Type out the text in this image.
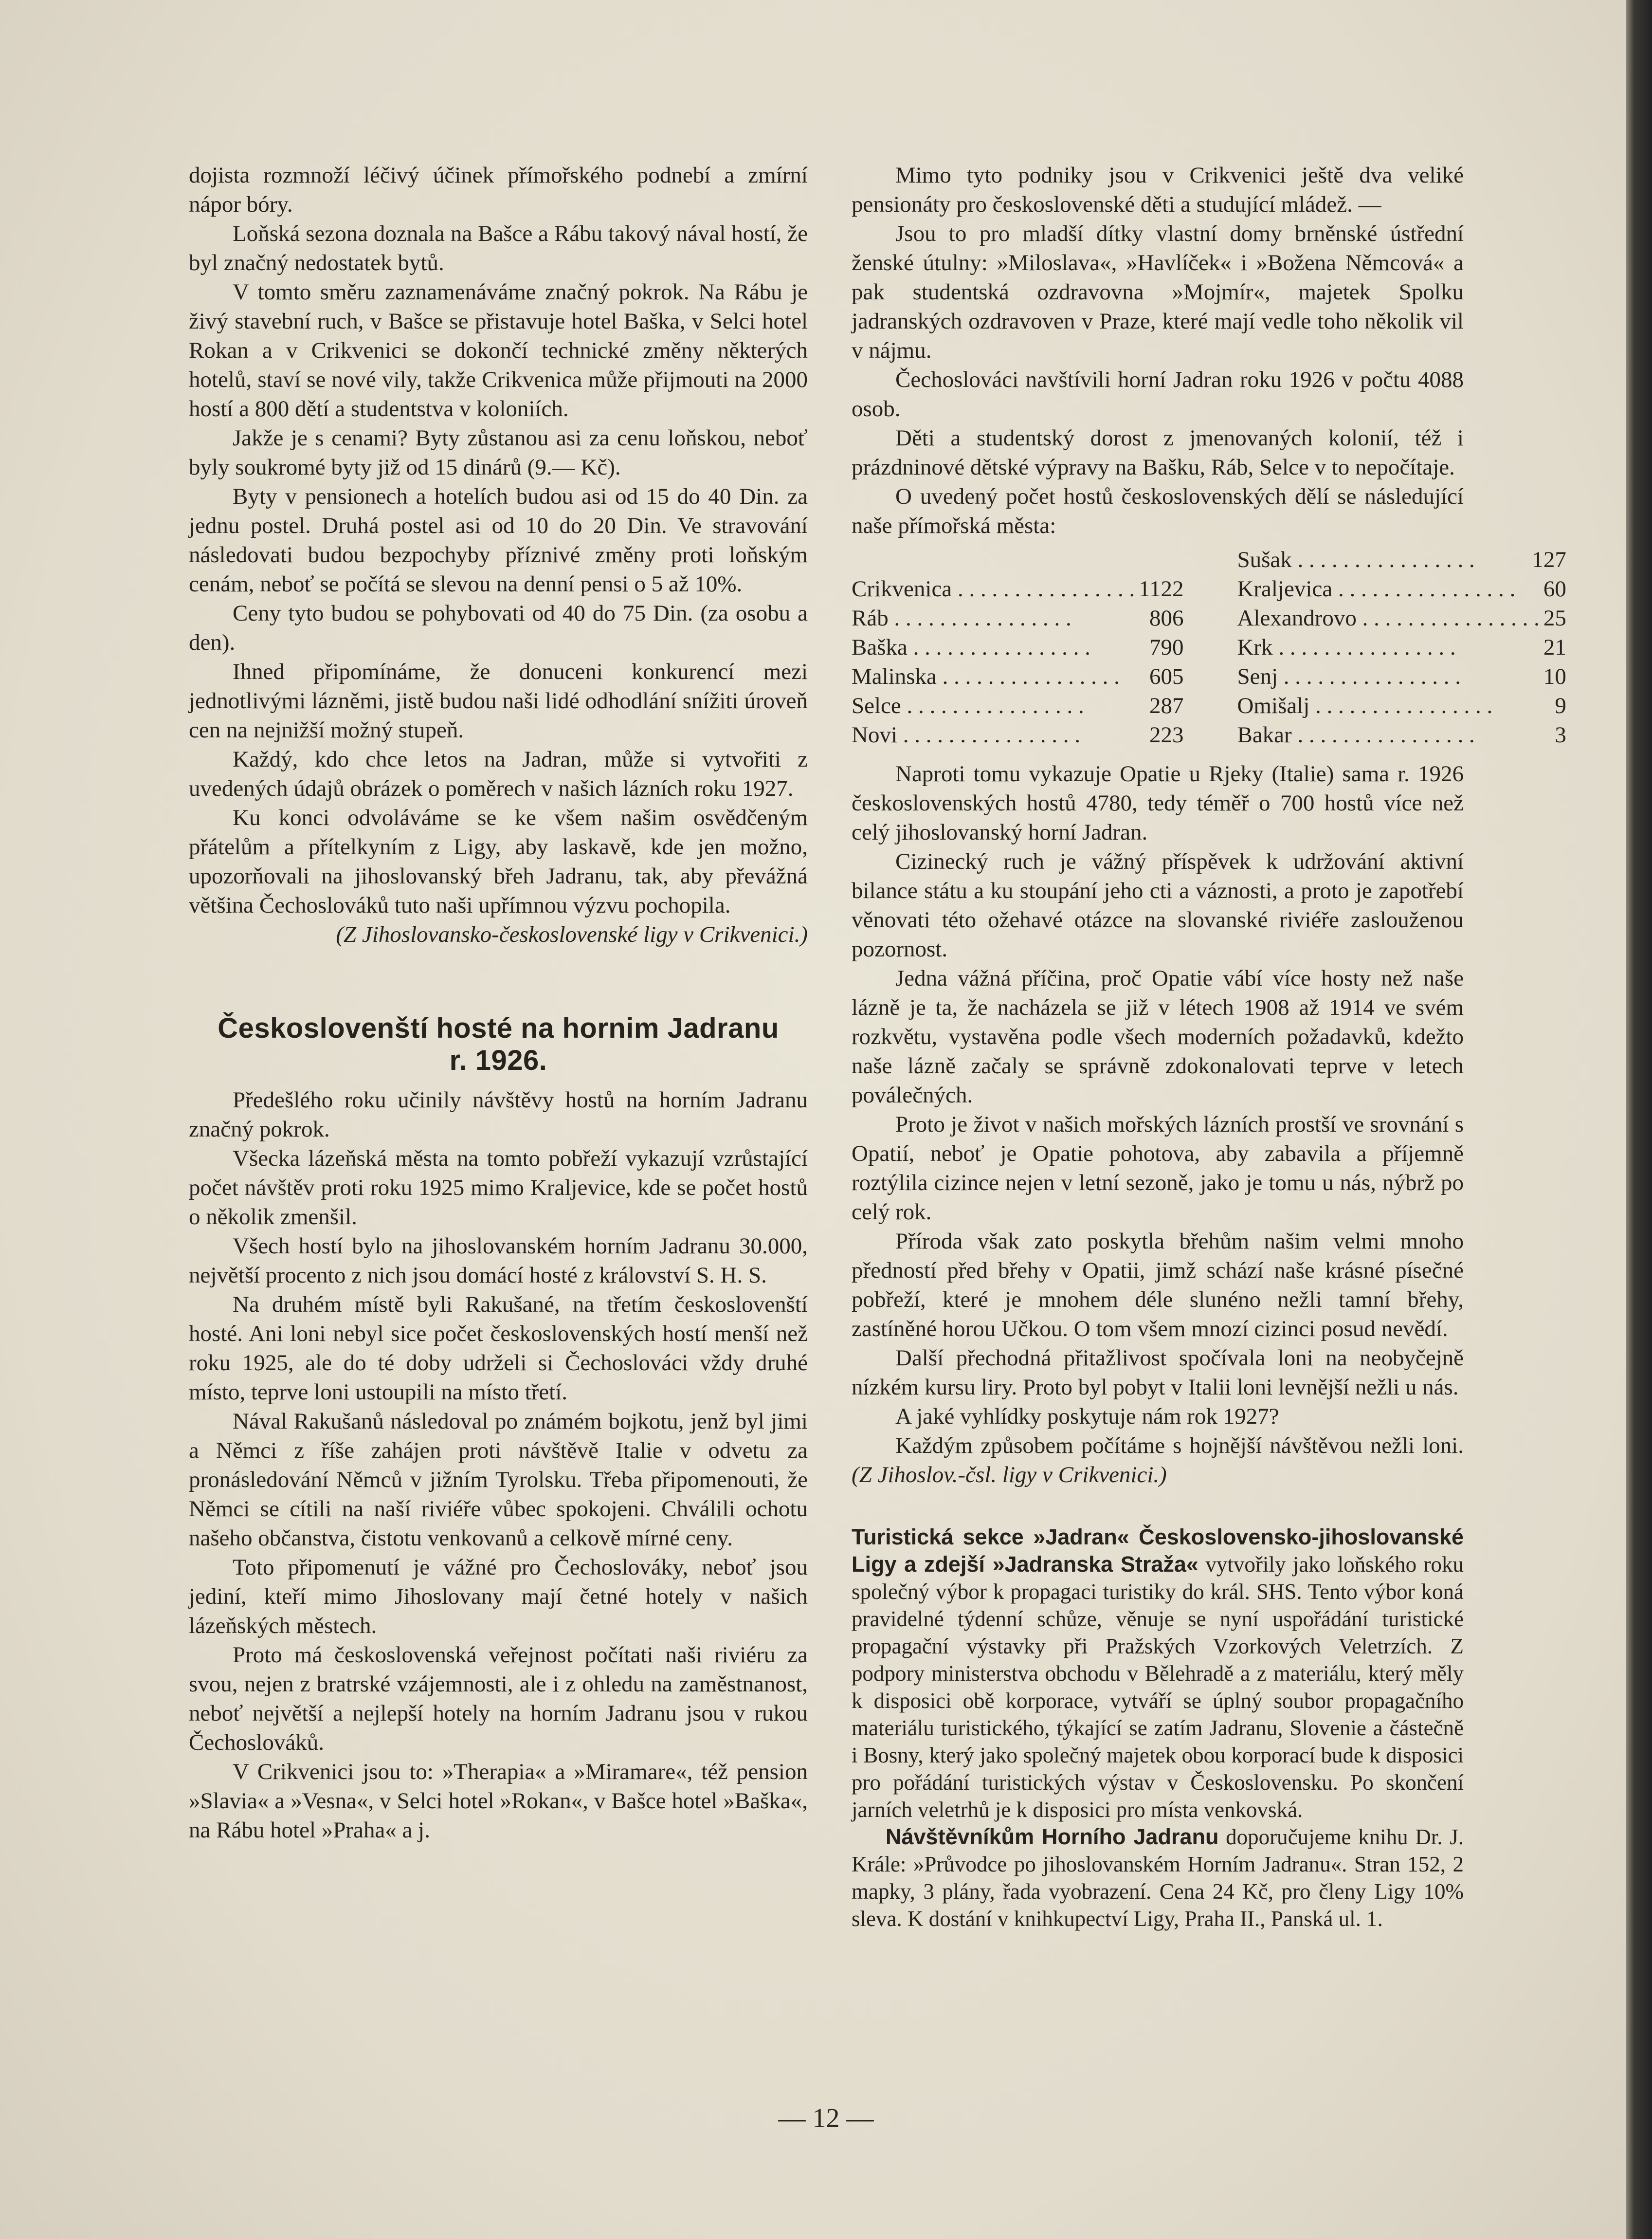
dojista rozmnoží léčivý účinek přímořského podnebí a zmírní nápor bóry.

Loňská sezona doznala na Bašce a Rábu takový nával hostí, že byl značný nedostatek bytů.

V tomto směru zaznamenáváme značný pokrok. Na Rábu je živý stavební ruch, v Bašce se přistavuje hotel Baška, v Selci hotel Rokan a v Crikvenici se dokončí technické změny některých hotelů, staví se nové vily, takže Crikvenica může přijmouti na 2000 hostí a 800 dětí a studentstva v koloniích.

Jakže je s cenami? Byty zůstanou asi za cenu loňskou, neboť byly soukromé byty již od 15 dinárů (9.— Kč).

Byty v pensionech a hotelích budou asi od 15 do 40 Din. za jednu postel. Druhá postel asi od 10 do 20 Din. Ve stravování následovati budou bezpochyby příznivé změny proti loňským cenám, neboť se počítá se slevou na denní pensi o 5 až 10%.

Ceny tyto budou se pohybovati od 40 do 75 Din. (za osobu a den).

Ihned připomínáme, že donuceni konkurencí mezi jednotlivými lázněmi, jistě budou naši lidé odhodlání snížiti úroveň cen na nejnižší možný stupeň.

Každý, kdo chce letos na Jadran, může si vytvořiti z uvedených údajů obrázek o poměrech v našich lázních roku 1927.

Ku konci odvoláváme se ke všem našim osvědčeným přátelům a přítelkyním z Ligy, aby laskavě, kde jen možno, upozorňovali na jihoslovanský břeh Jadranu, tak, aby převážná většina Čechoslováků tuto naši upřímnou výzvu pochopila.

(Z Jihoslovansko-československé ligy v Crikvenici.)

Českoslovenští hosté na hornim Jadranu
r. 1926.

Předešlého roku učinily návštěvy hostů na horním Jadranu značný pokrok.

Všecka lázeňská města na tomto pobřeží vykazují vzrůstající počet návštěv proti roku 1925 mimo Kraljevice, kde se počet hostů o několik zmenšil.

Všech hostí bylo na jihoslovanském horním Jadranu 30.000, největší procento z nich jsou domácí hosté z království S. H. S.

Na druhém místě byli Rakušané, na třetím českoslovenští hosté. Ani loni nebyl sice počet československých hostí menší než roku 1925, ale do té doby udrželi si Čechoslováci vždy druhé místo, teprve loni ustoupili na místo třetí.

Nával Rakušanů následoval po známém bojkotu, jenž byl jimi a Němci z říše zahájen proti návštěvě Italie v odvetu za pronásledování Němců v jižním Tyrolsku. Třeba připomenouti, že Němci se cítili na naší riviéře vůbec spokojeni. Chválili ochotu našeho občanstva, čistotu venkovanů a celkově mírné ceny.

Toto připomenutí je vážné pro Čechoslováky, neboť jsou jediní, kteří mimo Jihoslovany mají četné hotely v našich lázeňských městech.

Proto má československá veřejnost počítati naši riviéru za svou, nejen z bratrské vzájemnosti, ale i z ohledu na zaměstnanost, neboť největší a nejlepší hotely na horním Jadranu jsou v rukou Čechoslováků.

V Crikvenici jsou to: »Therapia« a »Miramare«, též pension »Slavia« a »Vesna«, v Selci hotel »Rokan«, v Bašce hotel »Baška«, na Rábu hotel »Praha« a j.

Mimo tyto podniky jsou v Crikvenici ještě dva veliké pensionáty pro československé děti a studující mládež. —

Jsou to pro mladší dítky vlastní domy brněnské ústřední ženské útulny: »Miloslava«, »Havlíček« i »Božena Němcová« a pak studentská ozdravovna »Mojmír«, majetek Spolku jadranských ozdravoven v Praze, které mají vedle toho několik vil v nájmu.

Čechoslováci navštívili horní Jadran roku 1926 v počtu 4088 osob.

Děti a studentský dorost z jmenovaných kolonií, též i prázdninové dětské výpravy na Bašku, Ráb, Selce v to nepočítaje.

O uvedený počet hostů československých dělí se následující naše přímořská města:

Crikvenica . . .	1122
Ráb . . .	806
Baška . . .	790
Malinska . . .	605
Selce . . .	287
Novi . . .	223
Sušak . . .	127
Kraljevica . . .	60
Alexandrovo . . .	25
Krk . . .	21
Senj . . .	10
Omišalj . . .	9
Bakar . . .	3

Naproti tomu vykazuje Opatie u Rjeky (Italie) sama r. 1926 československých hostů 4780, tedy téměř o 700 hostů více než celý jihoslovanský horní Jadran.

Cizinecký ruch je vážný příspěvek k udržování aktivní bilance státu a ku stoupání jeho cti a váznosti, a proto je zapotřebí věnovati této ožehavé otázce na slovanské riviéře zaslouženou pozornost.

Jedna vážná příčina, proč Opatie vábí více hosty než naše lázně je ta, že nacházela se již v létech 1908 až 1914 ve svém rozkvětu, vystavěna podle všech moderních požadavků, kdežto naše lázně začaly se správně zdokonalovati teprve v letech poválečných.

Proto je život v našich mořských lázních prostší ve srovnání s Opatií, neboť je Opatie pohotova, aby zabavila a příjemně roztýlila cizince nejen v letní sezoně, jako je tomu u nás, nýbrž po celý rok.

Příroda však zato poskytla břehům našim velmi mnoho předností před břehy v Opatii, jimž schází naše krásné písečné pobřeží, které je mnohem déle slunéno nežli tamní břehy, zastíněné horou Učkou. O tom všem mnozí cizinci posud nevědí.

Další přechodná přitažlivost spočívala loni na neobyčejně nízkém kursu liry. Proto byl pobyt v Italii loni levnější nežli u nás.

A jaké vyhlídky poskytuje nám rok 1927?

Každým způsobem počítáme s hojnější návštěvou nežli loni. (Z Jihoslov.-čsl. ligy v Crikvenici.)

Turistická sekce »Jadran« Československo-jihoslovanské Ligy a zdejší »Jadranska Straža« vytvořily jako loňského roku společný výbor k propagaci turistiky do král. SHS. Tento výbor koná pravidelné týdenní schůze, věnuje se nyní uspořádání turistické propagační výstavky při Pražských Vzorkových Veletrzích. Z podpory ministerstva obchodu v Bělehradě a z materiálu, který měly k disposici obě korporace, vytváří se úplný soubor propagačního materiálu turistického, týkající se zatím Jadranu, Slovenie a částečně i Bosny, který jako společný majetek obou korporací bude k disposici pro pořádání turistických výstav v Československu. Po skončení jarních veletrhů je k disposici pro místa venkovská.

Návštěvníkům Horního Jadranu doporučujeme knihu Dr. J. Krále: »Průvodce po jihoslovanském Horním Jadranu«. Stran 152, 2 mapky, 3 plány, řada vyobrazení. Cena 24 Kč, pro členy Ligy 10% sleva. K dostání v knihkupectví Ligy, Praha II., Panská ul. 1.

— 12 —
